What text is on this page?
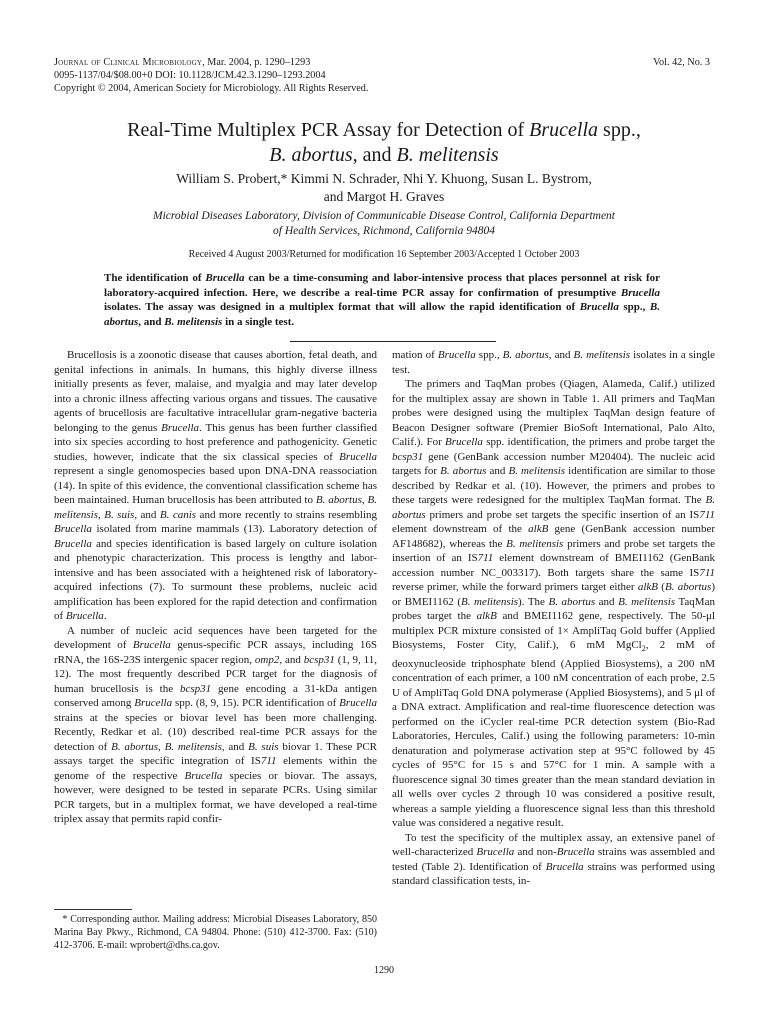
Journal of Clinical Microbiology, Mar. 2004, p. 1290–1293
0095-1137/04/$08.00+0 DOI: 10.1128/JCM.42.3.1290–1293.2004
Copyright © 2004, American Society for Microbiology. All Rights Reserved.
Vol. 42, No. 3
Real-Time Multiplex PCR Assay for Detection of Brucella spp.,
B. abortus, and B. melitensis
William S. Probert,* Kimmi N. Schrader, Nhi Y. Khuong, Susan L. Bystrom,
and Margot H. Graves
Microbial Diseases Laboratory, Division of Communicable Disease Control, California Department
of Health Services, Richmond, California 94804
Received 4 August 2003/Returned for modification 16 September 2003/Accepted 1 October 2003
The identification of Brucella can be a time-consuming and labor-intensive process that places personnel at risk for laboratory-acquired infection. Here, we describe a real-time PCR assay for confirmation of presumptive Brucella isolates. The assay was designed in a multiplex format that will allow the rapid identification of Brucella spp., B. abortus, and B. melitensis in a single test.

Brucellosis is a zoonotic disease that causes abortion, fetal death, and genital infections in animals. In humans, this highly diverse illness initially presents as fever, malaise, and myalgia and may later develop into a chronic illness affecting various organs and tissues. The causative agents of brucellosis are facultative intracellular gram-negative bacteria belonging to the genus Brucella. This genus has been further classified into six species according to host preference and pathogenicity. Genetic studies, however, indicate that the six classical species of Brucella represent a single genomospecies based upon DNA-DNA reassociation (14). In spite of this evidence, the conventional classification scheme has been maintained. Human brucellosis has been attributed to B. abortus, B. melitensis, B. suis, and B. canis and more recently to strains resembling Brucella isolated from marine mammals (13). Laboratory detection of Brucella and species identification is based largely on culture isolation and phenotypic characterization. This process is lengthy and labor-intensive and has been associated with a heightened risk of laboratory-acquired infections (7). To surmount these problems, nucleic acid amplification has been explored for the rapid detection and confirmation of Brucella.

A number of nucleic acid sequences have been targeted for the development of Brucella genus-specific PCR assays, including 16S rRNA, the 16S-23S intergenic spacer region, omp2, and bcsp31 (1, 9, 11, 12). The most frequently described PCR target for the diagnosis of human brucellosis is the bcsp31 gene encoding a 31-kDa antigen conserved among Brucella spp. (8, 9, 15). PCR identification of Brucella strains at the species or biovar level has been more challenging. Recently, Redkar et al. (10) described real-time PCR assays for the detection of B. abortus, B. melitensis, and B. suis biovar 1. These PCR assays target the specific integration of IS711 elements within the genome of the respective Brucella species or biovar. The assays, however, were designed to be tested in separate PCRs. Using similar PCR targets, but in a multiplex format, we have developed a real-time triplex assay that permits rapid confir-

mation of Brucella spp., B. abortus, and B. melitensis isolates in a single test.

The primers and TaqMan probes (Qiagen, Alameda, Calif.) utilized for the multiplex assay are shown in Table 1. All primers and TaqMan probes were designed using the multiplex TaqMan design feature of Beacon Designer software (Premier BioSoft International, Palo Alto, Calif.). For Brucella spp. identification, the primers and probe target the bcsp31 gene (GenBank accession number M20404). The nucleic acid targets for B. abortus and B. melitensis identification are similar to those described by Redkar et al. (10). However, the primers and probes to these targets were redesigned for the multiplex TaqMan format. The B. abortus primers and probe set targets the specific insertion of an IS711 element downstream of the alkB gene (GenBank accession number AF148682), whereas the B. melitensis primers and probe set targets the insertion of an IS711 element downstream of BMEI1162 (GenBank accession number NC_003317). Both targets share the same IS711 reverse primer, while the forward primers target either alkB (B. abortus) or BMEI1162 (B. melitensis). The B. abortus and B. melitensis TaqMan probes target the alkB and BMEI1162 gene, respectively. The 50-μl multiplex PCR mixture consisted of 1× AmpliTaq Gold buffer (Applied Biosystems, Foster City, Calif.), 6 mM MgCl$_2$, 2 mM of deoxynucleoside triphosphate blend (Applied Biosystems), a 200 nM concentration of each primer, a 100 nM concentration of each probe, 2.5 U of AmpliTaq Gold DNA polymerase (Applied Biosystems), and 5 μl of a DNA extract. Amplification and real-time fluorescence detection was performed on the iCycler real-time PCR detection system (Bio-Rad Laboratories, Hercules, Calif.) using the following parameters: 10-min denaturation and polymerase activation step at 95°C followed by 45 cycles of 95°C for 15 s and 57°C for 1 min. A sample with a fluorescence signal 30 times greater than the mean standard deviation in all wells over cycles 2 through 10 was considered a positive result, whereas a sample yielding a fluorescence signal less than this threshold value was considered a negative result.

To test the specificity of the multiplex assay, an extensive panel of well-characterized Brucella and non-Brucella strains was assembled and tested (Table 2). Identification of Brucella strains was performed using standard classification tests, in-

* Corresponding author. Mailing address: Microbial Diseases Laboratory, 850 Marina Bay Pkwy., Richmond, CA 94804. Phone: (510) 412-3700. Fax: (510) 412-3706. E-mail: wprobert@dhs.ca.gov.
1290
